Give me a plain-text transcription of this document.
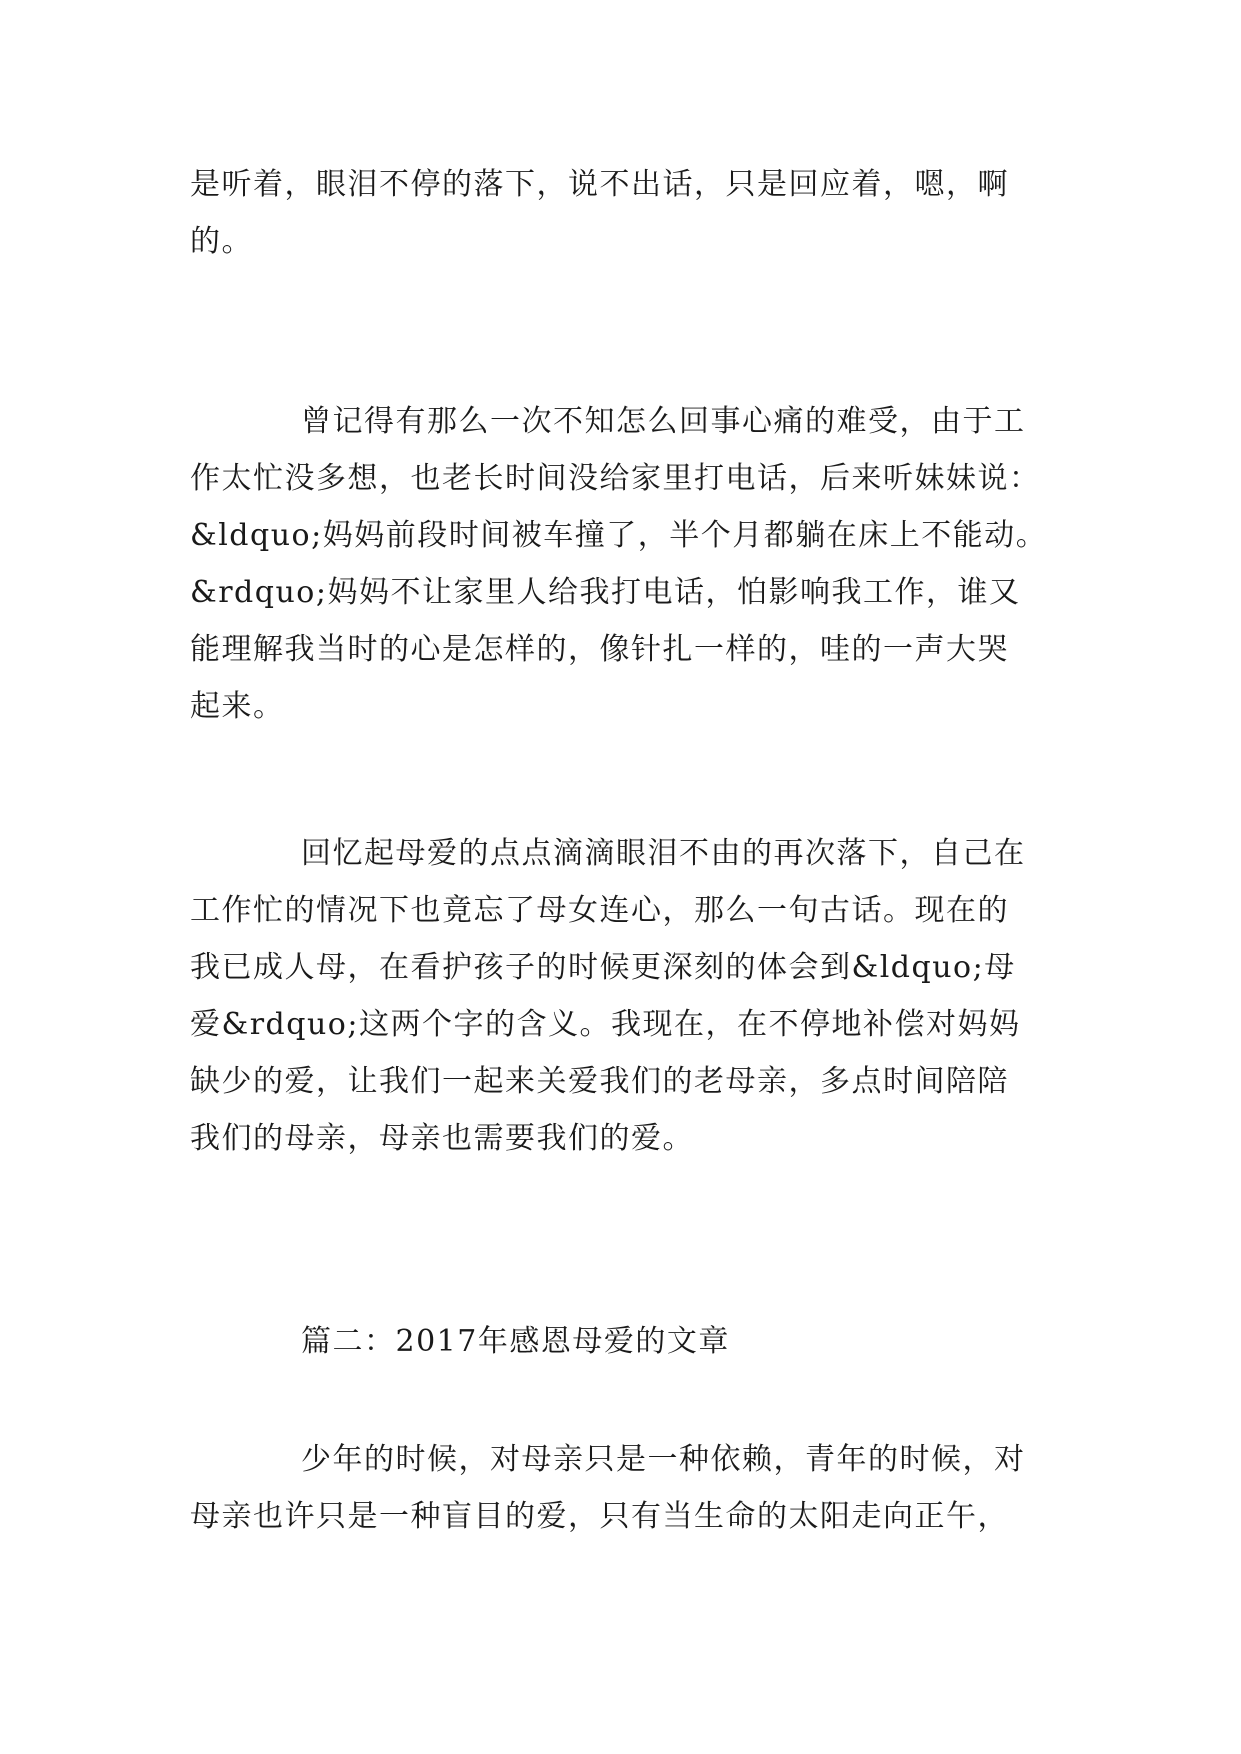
是听着，眼泪不停的落下，说不出话，只是回应着，嗯，啊
的。
曾记得有那么一次不知怎么回事心痛的难受，由于工
作太忙没多想，也老长时间没给家里打电话，后来听妹妹说：
&ldquo;妈妈前段时间被车撞了，半个月都躺在床上不能动。
&rdquo;妈妈不让家里人给我打电话，怕影响我工作，谁又
能理解我当时的心是怎样的，像针扎一样的，哇的一声大哭
起来。
回忆起母爱的点点滴滴眼泪不由的再次落下，自己在
工作忙的情况下也竟忘了母女连心，那么一句古话。现在的
我已成人母，在看护孩子的时候更深刻的体会到&ldquo;母
爱&rdquo;这两个字的含义。我现在，在不停地补偿对妈妈
缺少的爱，让我们一起来关爱我们的老母亲，多点时间陪陪
我们的母亲，母亲也需要我们的爱。
篇二：2017年感恩母爱的文章
少年的时候，对母亲只是一种依赖，青年的时候，对
母亲也许只是一种盲目的爱，只有当生命的太阳走向正午，
